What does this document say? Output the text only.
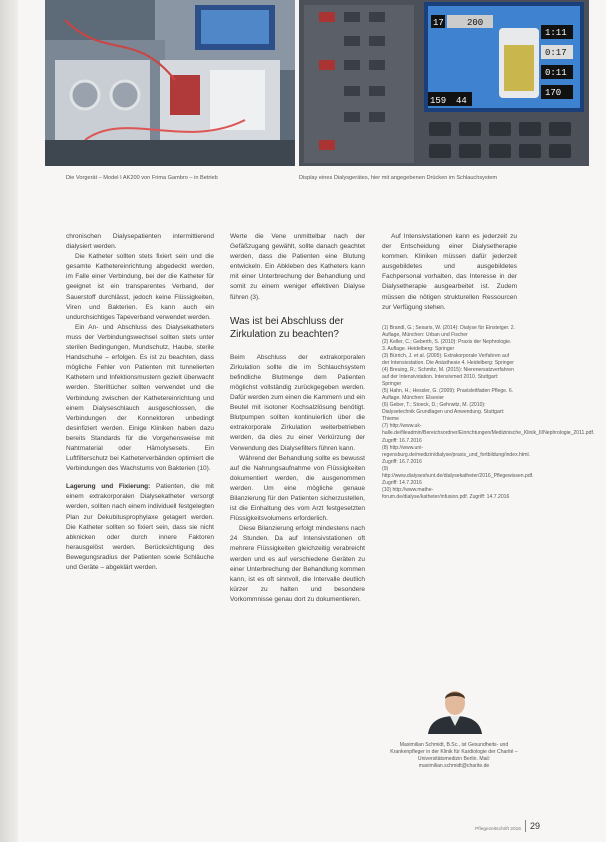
17	200
1:11
0:17
0:11
170
159 44
Die Vorgerät – Model I AK200 von Frima Gambro – in Betrieb	Display eines Dialysgerätes, hier mit angegebenen Drücken im Schlauchsystem

chronischen Dialysepatienten intermittierend dialysiert werden.

Die Katheter sollten stets fixiert sein und die gesamte Kathetereinrichtung abgedeckt werden, im Falle einer Verbindung, bei der die Katheter für geeignet ist ein transparentes Verband, der Sauerstoff durchlässt, jedoch keine Flüssigkeiten, Viren und Bakterien. Es kann auch ein undurchsichtiges Tapeverband verwendet werden.

Ein An- und Abschluss des Dialysekatheters muss der Verbindungswechsel sollten stets unter sterilen Bedingungen, Mundschutz, Haube, sterile Handschuhe – erfolgen. Es ist zu beachten, dass mögliche Fehler von Patienten mit tunnelierten Kathetern und Infektionsmustern gezielt überwacht werden. Steriltücher sollten verwendet und die Verbindung zwischen der Kathetereinrichtung und einem Dialyseschlauch ausgeschlossen, die Verbindungen der Konnektoren unbedingt desinfiziert werden. Einige Kliniken haben dazu bereits Standards für die Vorgehensweise mit Nahtmaterial oder Hämolysesets. Ein Luftfilterschutz bei Katheterverbänden optimiert die Verbindungen des Wachstums von Bakterien (10).

Lagerung und Fixierung: Patienten, die mit einem extrakorporalen Dialysekatheter versorgt werden, sollten nach einem individuell festgelegten Plan zur Dekubitusprophylaxe gelagert werden. Die Katheter sollten so fixiert sein, dass sie nicht abknicken oder durch innere Faktoren herausgelöst werden. Berücksichtigung des Bewegungsradius der Patienten sowie Schläuche und Geräte – abgeklärt werden.

Werte die Vene unmittelbar nach der Gefäßzugang gewählt, sollte danach geachtet werden, dass die Patienten eine Blutung entwickeln. Ein Abkleben des Katheters kann mit einer Unterbrechung der Behandlung und somit zu einem weniger effektiven Dialyse führen (3).

Was ist bei Abschluss der Zirkulation zu beachten?

Beim Abschluss der extrakorporalen Zirkulation sollte die im Schlauchsystem befindliche Blutmenge dem Patienten möglichst vollständig zurückgegeben werden. Dafür werden zum einen die Kammern und ein Beutel mit isotoner Kochsalzlösung benötigt. Blutpumpen sollten kontinuierlich über die extrakorporale Zirkulation weiterbetrieben werden, da dies zu einer Verkürzung der Verwendung des Dialysefilters führen kann.

Während der Behandlung sollte es bewusst auf die Nahrungsaufnahme von Flüssigkeiten dokumentiert werden, die ausgenommen werden. Um eine mögliche genaue Bilanzierung für den Patienten sicherzustellen, ist die Einhaltung des vom Arzt festgesetzten Flüssigkeitsvolumens erforderlich.

Diese Bilanzierung erfolgt mindestens nach 24 Stunden. Da auf Intensivstationen oft mehrere Flüssigkeiten gleichzeitig verabreicht werden und es auf verschiedene Geräten zu einer Unterbrechung der Behandlung kommen kann, ist es oft sinnvoll, die Intervalle deutlich kürzer zu halten und besondere Vorkommnisse genau dort zu dokumentieren.

Auf Intensivstationen kann es jederzeit zu der Entscheidung einer Dialysetherapie kommen. Kliniken müssen dafür jederzeit ausgebildetes und ausgebildetes Fachpersonal vorhalten, das Interesse in der Dialysetherapie ausgearbeitet ist. Zudem müssen die nötigen strukturellen Ressourcen zur Verfügung stehen.

(1) Brandl, G.; Sesaris, W. (2014): Dialyse für Einsteiger. 2. Auflage, München: Urban und Fischer
(2) Keller, C.; Geberth, S. (2010): Praxis der Nephrologie. 3. Auflage. Heidelberg: Springer
(3) Bürrich, J. et al. (2005): Extrakorporale Verfahren auf der Intensivstation. Die Anästhesie 4. Heidelberg: Springer
(4) Breuing, R.; Schmitz, M. (2015): Nierenersatzverfahren auf der Intensivstation. Intensivmed 2010. Stuttgart: Springer
(5) Hahn, H.; Hessler, G. (2009): Praxisleitfaden Pflege. 6. Auflage. München: Elsevier
(6) Geber, T.; Stoeck, D.; Gehrwitz, M. (2010): Dialysetechnik Grundlagen und Anwendung. Stuttgart: Thieme
(7) http://www.uk-halle.de/fileadmin/Bereichsordner/Einrichtungen/Medizinische_Klinik_II/Nephrologie_2011.pdf. Zugriff: 16.7.2016
(8) http://www.uni-regensburg.de/medizin/dialyse/praxis_und_fortbildung/index.html. Zugriff: 16.7.2016
(9) http://www.dialyseshunt.de/dialysekatheter/2016_Pflegewissen.pdf. Zugriff: 14.7.2016
(10) http://www.mathe-forum.de/dialyse/katheter/infusion.pdf. Zugriff: 14.7.2016
Maximilian Schmidt, B.Sc., ist Gesundheits- und Krankenpfleger in der Klinik für Kardiologie der Charité – Universitätsmedizin Berlin. Mail: maximilian.schmidt@charite.de
Pflegezeitschrift 2016 29
